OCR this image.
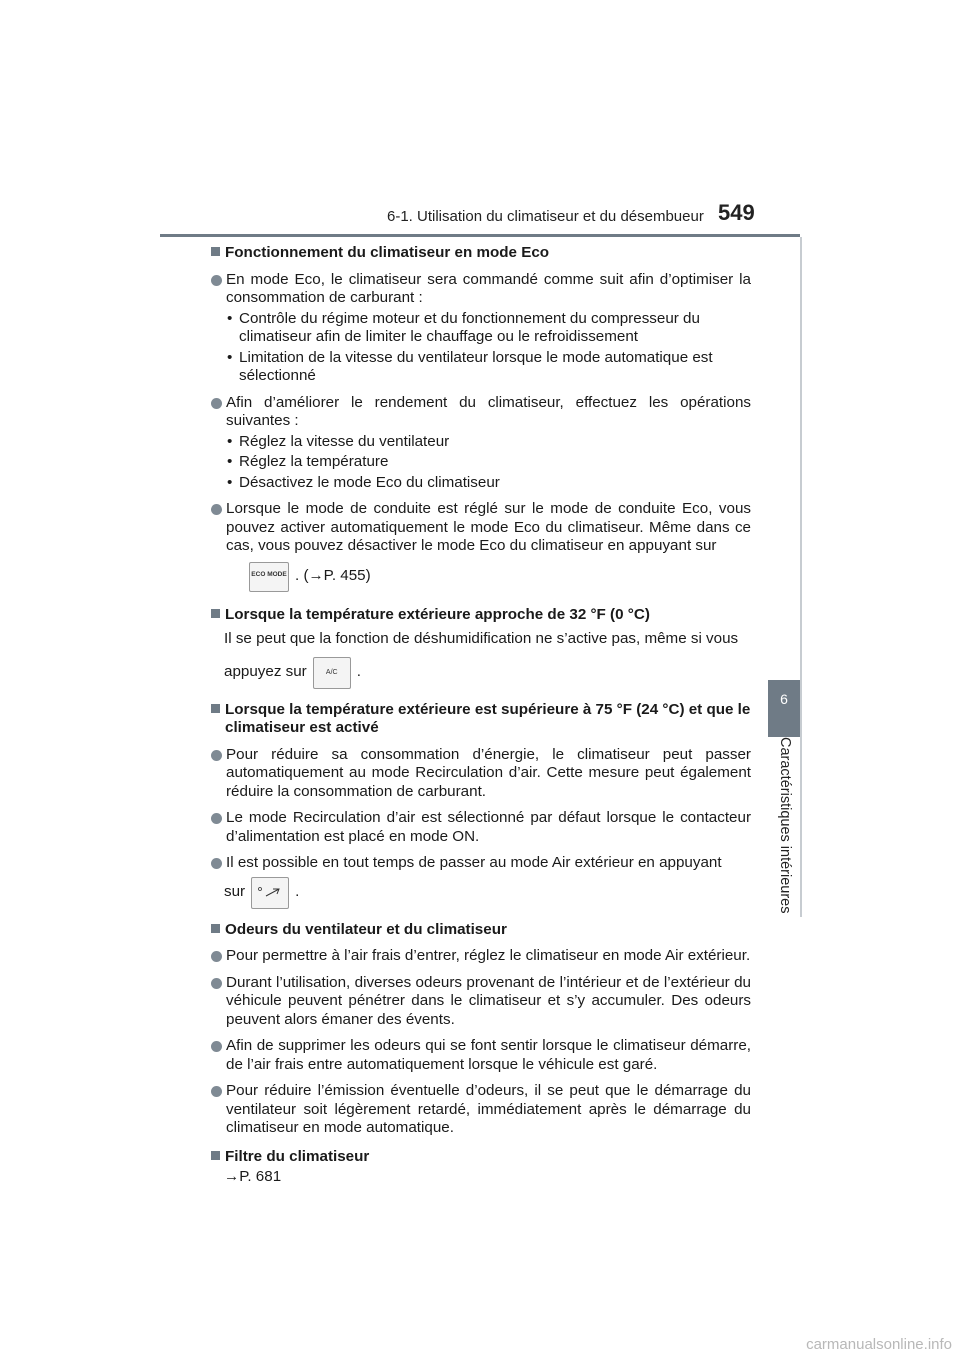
6-1. Utilisation du climatiseur et du désembueur 549
6
Caractéristiques intérieures
Fonctionnement du climatiseur en mode Eco
En mode Eco, le climatiseur sera commandé comme suit afin d’optimiser la consommation de carburant :
• Contrôle du régime moteur et du fonctionnement du compresseur du climatiseur afin de limiter le chauffage ou le refroidissement
• Limitation de la vitesse du ventilateur lorsque le mode automatique est sélectionné
Afin d’améliorer le rendement du climatiseur, effectuez les opérations suivantes :
• Réglez la vitesse du ventilateur
• Réglez la température
• Désactivez le mode Eco du climatiseur
Lorsque le mode de conduite est réglé sur le mode de conduite Eco, vous pouvez activer automatiquement le mode Eco du climatiseur. Même dans ce cas, vous pouvez désactiver le mode Eco du climatiseur en appuyant sur
ECO MODE . (→P. 455)
Lorsque la température extérieure approche de 32 °F (0 °C)
Il se peut que la fonction de déshumidification ne s’active pas, même si vous
appuyez sur	A/C	.
Lorsque la température extérieure est supérieure à 75 °F (24 °C) et que le climatiseur est activé
Pour réduire sa consommation d’énergie, le climatiseur peut passer automatiquement au mode Recirculation d’air. Cette mesure peut également réduire la consommation de carburant.
Le mode Recirculation d’air est sélectionné par défaut lorsque le contacteur d’alimentation est placé en mode ON.
Il est possible en tout temps de passer au mode Air extérieur en appuyant
sur	.
Odeurs du ventilateur et du climatiseur
Pour permettre à l’air frais d’entrer, réglez le climatiseur en mode Air extérieur.
Durant l’utilisation, diverses odeurs provenant de l’intérieur et de l’extérieur du véhicule peuvent pénétrer dans le climatiseur et s’y accumuler. Des odeurs peuvent alors émaner des évents.
Afin de supprimer les odeurs qui se font sentir lorsque le climatiseur démarre, de l’air frais entre automatiquement lorsque le véhicule est garé.
Pour réduire l’émission éventuelle d’odeurs, il se peut que le démarrage du ventilateur soit légèrement retardé, immédiatement après le démarrage du climatiseur en mode automatique.
Filtre du climatiseur
→P. 681
carmanualsonline.info
